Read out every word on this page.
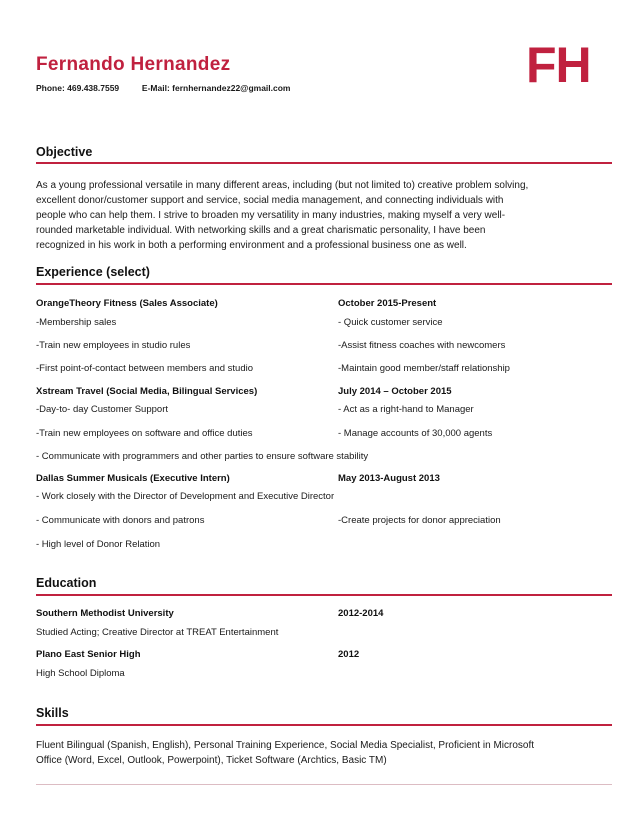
Fernando Hernandez
Phone: 469.438.7559	E-Mail: fernhernandez22@gmail.com	FH
Objective
As a young professional versatile in many different areas, including (but not limited to) creative problem solving,
excellent donor/customer support and service, social media management, and connecting individuals with
people who can help them. I strive to broaden my versatility in many industries, making myself a very well-
rounded marketable individual. With networking skills and a great charismatic personality, I have been
recognized in his work in both a performing environment and a professional business one as well.
Experience (select)
OrangeTheory Fitness (Sales Associate)	October 2015-Present
-Membership sales	- Quick customer service
-Train new employees in studio rules	-Assist fitness coaches with newcomers
-First point-of-contact between members and studio	-Maintain good member/staff relationship
Xstream Travel (Social Media, Bilingual Services)	July 2014 – October 2015
-Day-to- day Customer Support	- Act as a right-hand to Manager
-Train new employees on software and office duties	- Manage accounts of 30,000 agents
- Communicate with programmers and other parties to ensure software stability
Dallas Summer Musicals (Executive Intern)	May 2013-August 2013
- Work closely with the Director of Development and Executive Director
- Communicate with donors and patrons	-Create projects for donor appreciation
- High level of Donor Relation
Education
Southern Methodist University	2012-2014
Studied Acting; Creative Director at TREAT Entertainment
Plano East Senior High	2012
High School Diploma
Skills
Fluent Bilingual (Spanish, English), Personal Training Experience, Social Media Specialist, Proficient in Microsoft
Office (Word, Excel, Outlook, Powerpoint), Ticket Software (Archtics, Basic TM)
